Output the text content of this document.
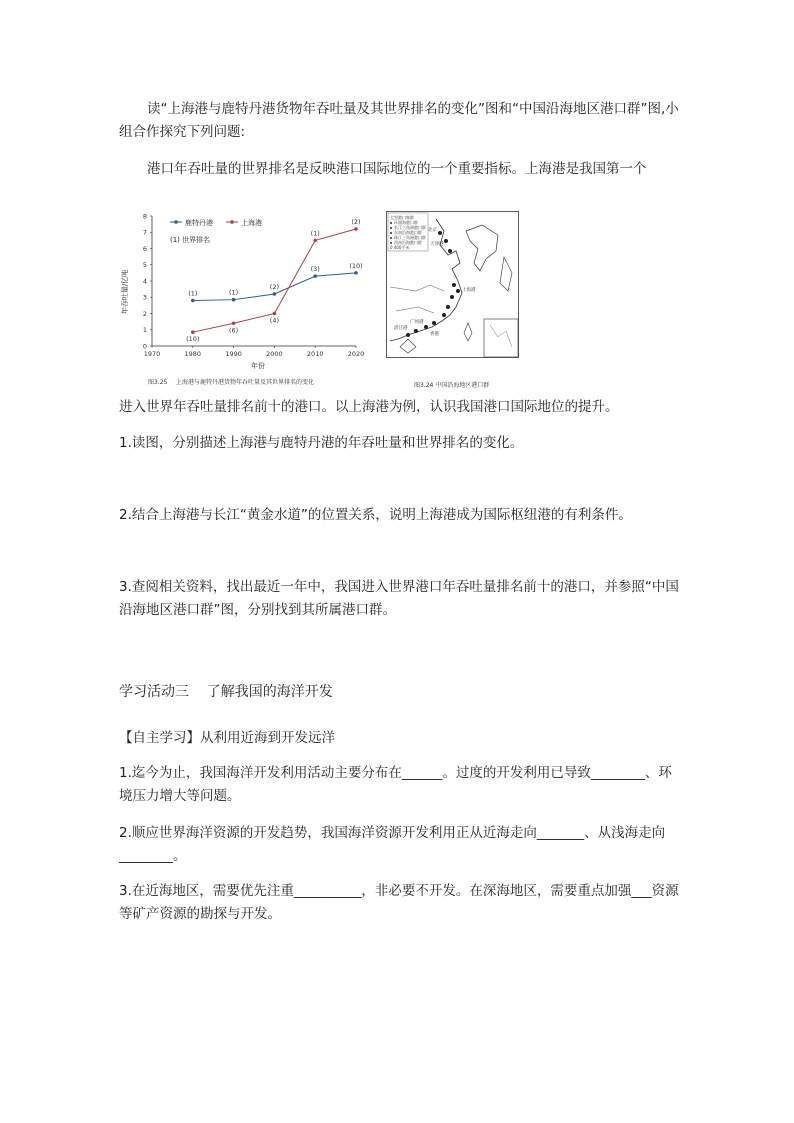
读“上海港与鹿特丹港货物年吞吐量及其世界排名的变化”图和“中国沿海地区港口群”图,小组合作探究下列问题:

港口年吞吐量的世界排名是反映港口国际地位的一个重要指标。上海港是我国第一个

年吞吐量/亿吨
年份
0
1
2
3
4
5
6
7
8
1970	1980	1990	2000	2010	2020
(1)	(1)
(2)
(3)	(10)
(10)
(6)
(4)
(1)
(2)
鹿特丹港	上海港
(1) 世界排名
图3.25 上海港与鹿特丹港货物年吞吐量及其世界排名的变化
大型港口集群
环渤海港口群
长江三角洲港口群
东南沿海港口群
珠江三角洲港口群
西南沿海港口群
0 400千米
北京
天津港
上海港
广州港
湛江港
香港
图3.24 中国沿海地区港口群

进入世界年吞吐量排名前十的港口。以上海港为例，认识我国港口国际地位的提升。

1.读图，分别描述上海港与鹿特丹港的年吞吐量和世界排名的变化。

2.结合上海港与长江“黄金水道”的位置关系，说明上海港成为国际枢纽港的有利条件。

3.查阅相关资料，找出最近一年中，我国进入世界港口年吞吐量排名前十的港口，并参照“中国沿海地区港口群”图，分别找到其所属港口群。

学习活动三    了解我国的海洋开发

【自主学习】从利用近海到开发远洋

1.迄今为止，我国海洋开发利用活动主要分布在______。过度的开发利用已导致________、环境压力增大等问题。

2.顺应世界海洋资源的开发趋势，我国海洋资源开发利用正从近海走向_______、从浅海走向________。

3.在近海地区，需要优先注重__________，非必要不开发。在深海地区，需要重点加强___资源等矿产资源的勘探与开发。
